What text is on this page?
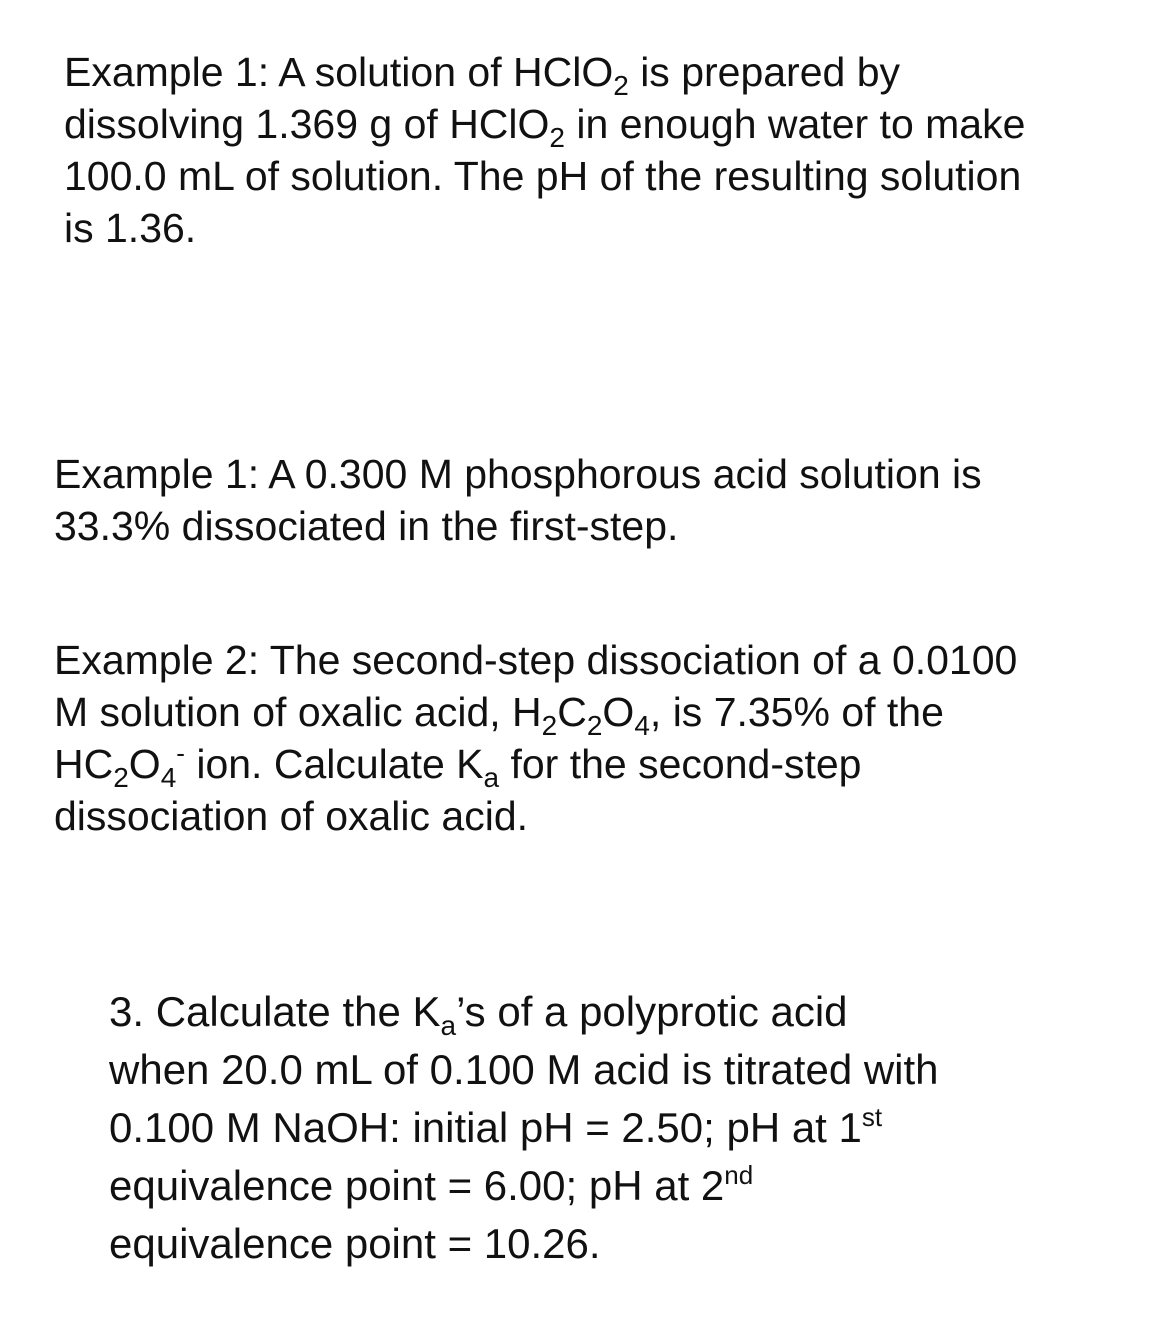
Example 1: A solution of HClO$_2$ is prepared by
dissolving 1.369 g of HClO$_2$ in enough water to make
100.0 mL of solution. The pH of the resulting solution
is 1.36.
Example 1: A 0.300 M phosphorous acid solution is
33.3% dissociated in the first-step.
Example 2: The second-step dissociation of a 0.0100
M solution of oxalic acid, $H_2C_2O_4$, is 7.35% of the
$HC_2O_4^-$ ion. Calculate $K_a$ for the second-step
dissociation of oxalic acid.
3. Calculate the $K_a’s$ of a polyprotic acid
when 20.0 mL of 0.100 M acid is titrated with
0.100 M NaOH: initial pH = 2.50; pH at 1st
equivalence point = 6.00; pH at 2nd
equivalence point = 10.26.
